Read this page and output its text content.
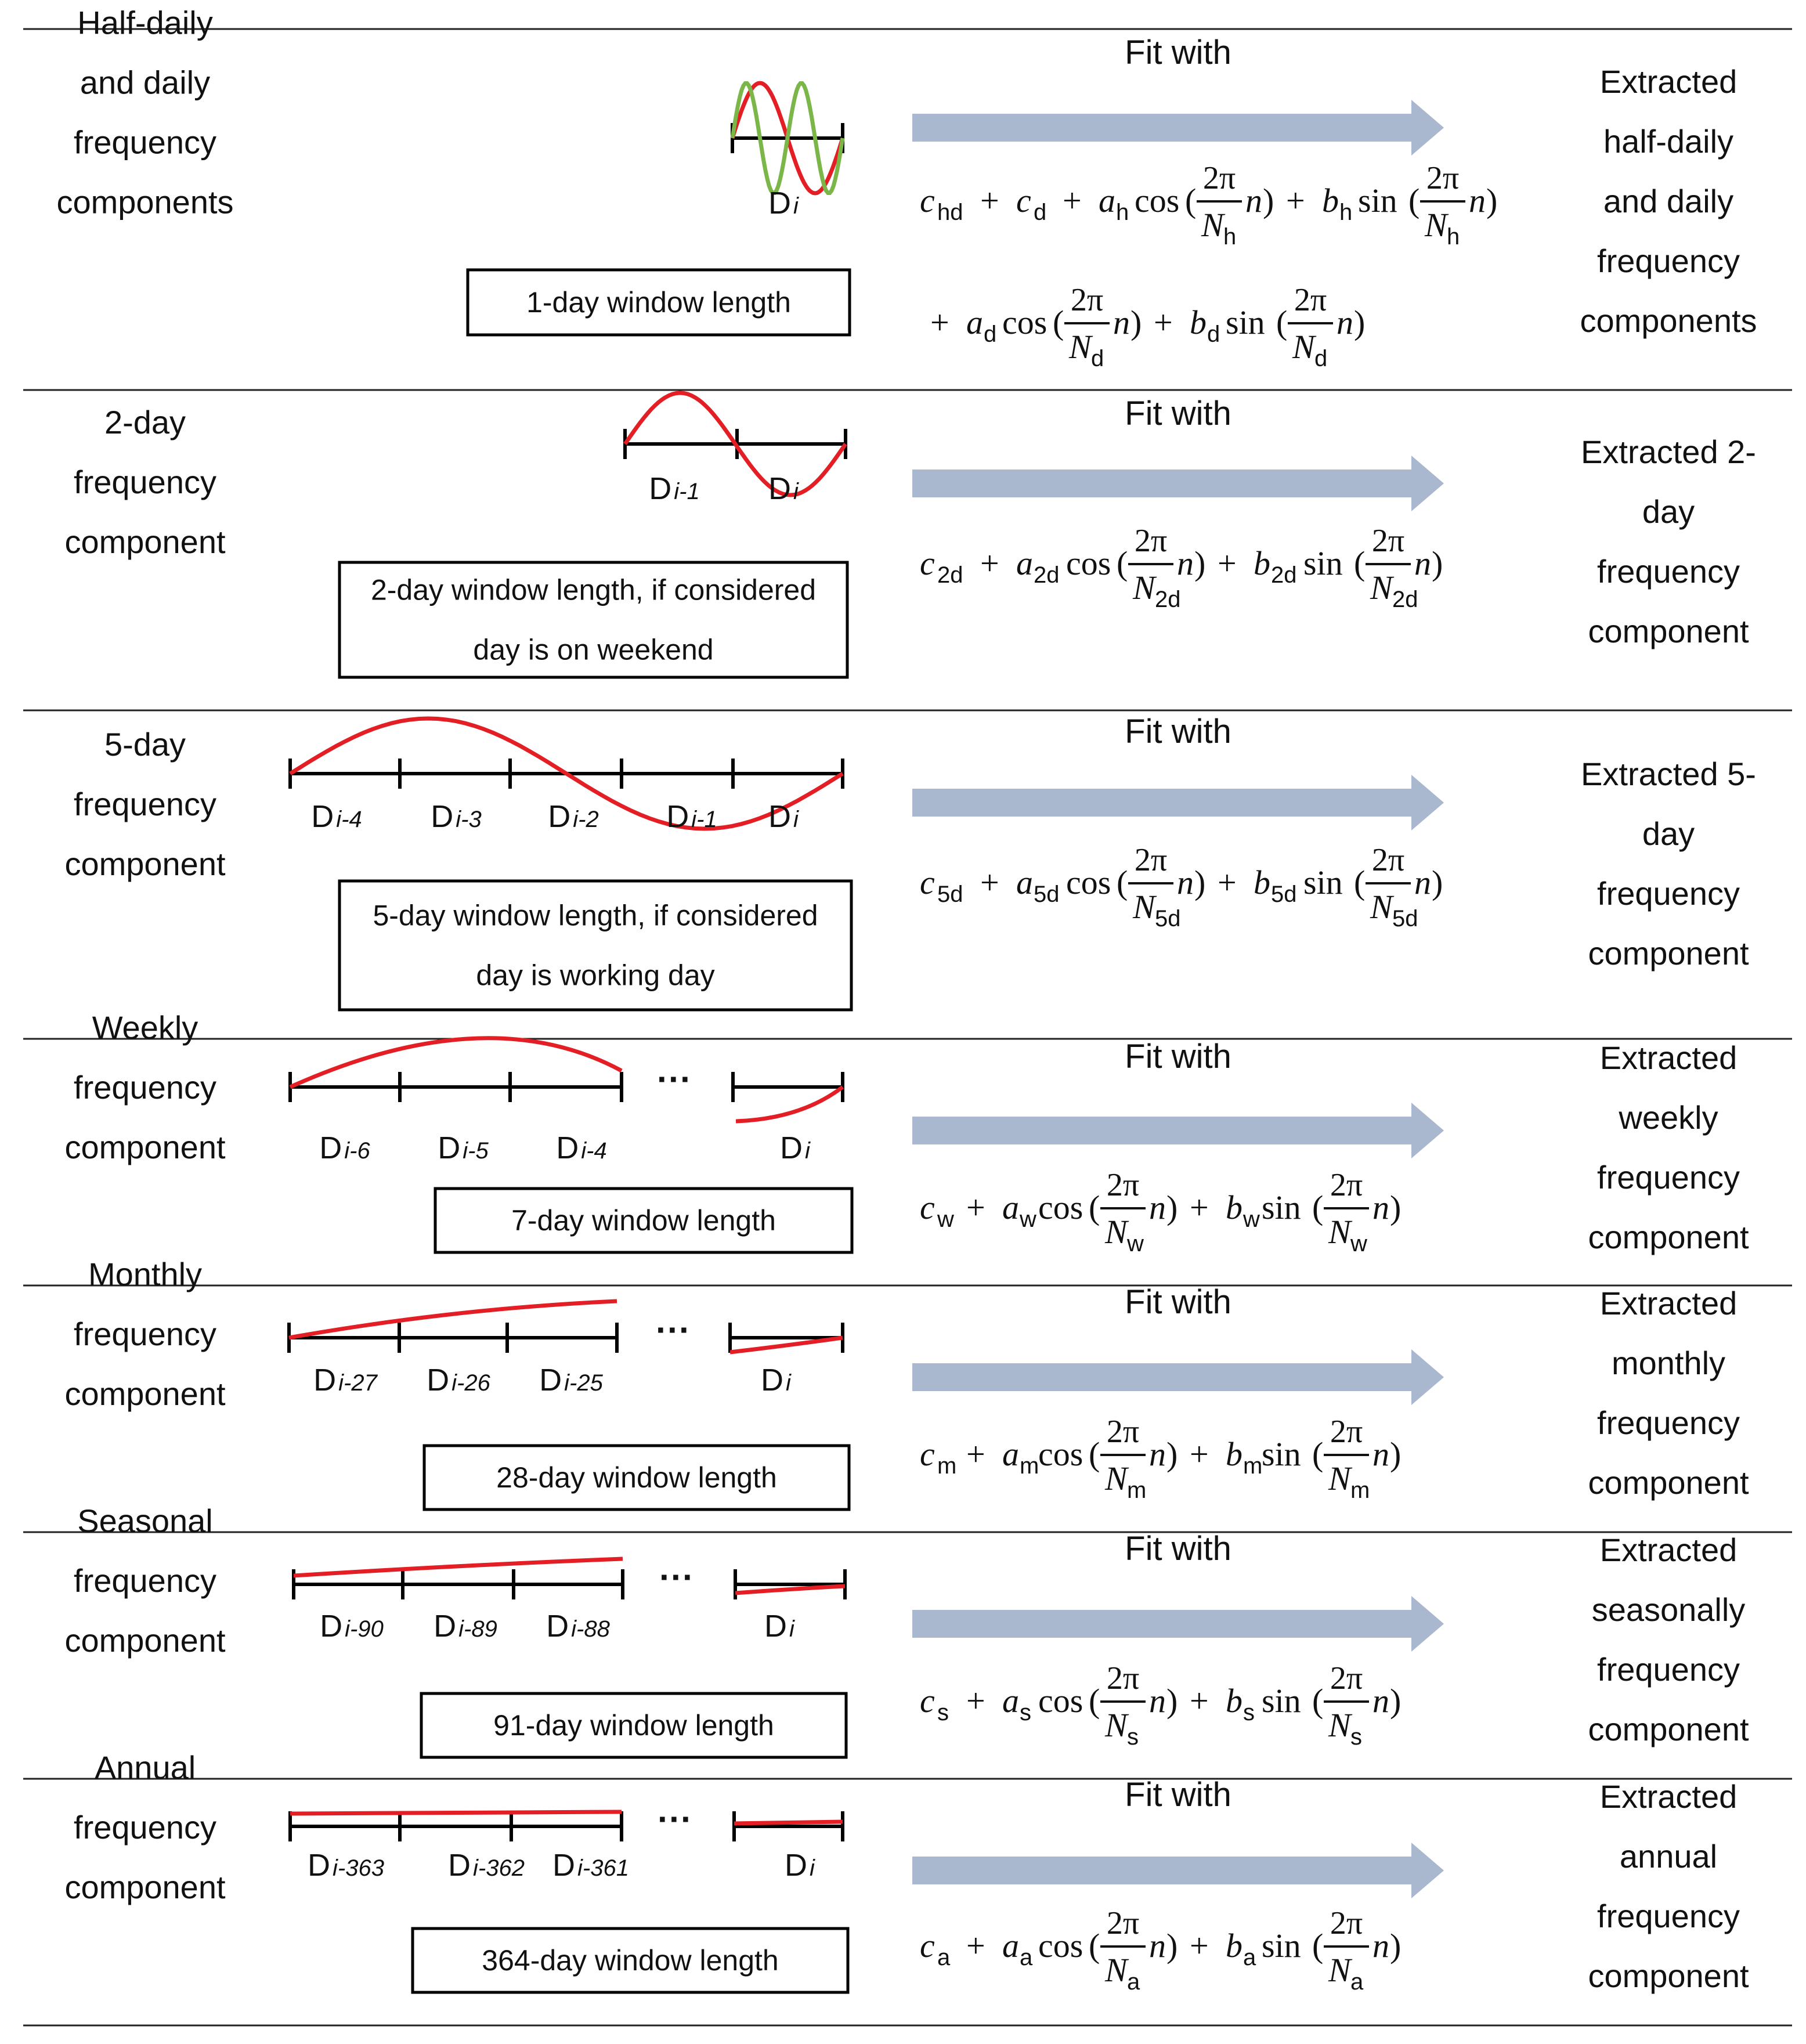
Half-daily
and daily
frequency
components	D i
1-day window length
Fit with
c hd + c d + a h cos (
2π
N h
n ) + b h sin (
2π
N h
n )
+ a d cos (
2π
N d
n ) + b d sin (
2π
N d
n )
Extracted
half-daily
and daily
frequency
components
2-day
frequency
component
D i-1 D i
2-day window length, if considered
day is on weekend
Fit with
c 2d + a 2d cos (
2π
N 2d
n ) + b 2d sin (
2π
N 2d
n )
Extracted 2-
day
frequency
component
5-day
frequency
component
D i-4 D i-3 D i-2 D i-1 D i
5-day window length, if considered
day is working day
Fit with
c 5d + a 5d cos (
2π
N 5d
n ) + b 5d sin (
2π
N 5d
n )
Extracted 5-
day
frequency
component
Weekly
frequency
component
···
D i-6 D i-5 D i-4	D i
7-day window length
Fit with
c w + a w cos (
2π
N w
n ) + b w sin (
2π
N w
n )
Extracted
weekly
frequency
component
Monthly
frequency
component
···
D i-27 D i-26 D i-25	D i
28-day window length
Fit with
c m + a m
cos (
2π
N m
n ) + b m
sin (
2π
N m
n )
Extracted
monthly
frequency
component
Seasonal
frequency
component
···
D i-90 D i-89 D i-88	D i
91-day window length
Fit with
c s + a s cos (
2π
N s
n ) + b s sin (
2π
N s
n )
Extracted
seasonally
frequency
component
Annual
frequency
component
···
D i-363 D i-362 D i-361	D i
364-day window length
Fit with
c a + a a cos (
2π
N a
n ) + b a sin (
2π
N a
n )
Extracted
annual
frequency
component
